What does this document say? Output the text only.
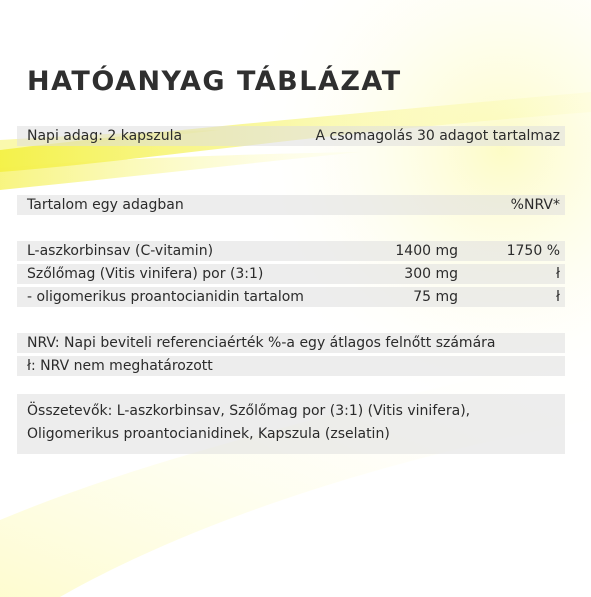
HATÓANYAG TÁBLÁZAT
Napi adag: 2 kapszula	A csomagolás 30 adagot tartalmaz
Tartalom egy adagban	%NRV*
L-aszkorbinsav (C-vitamin)	1400 mg	1750 %
Szőlőmag (Vitis vinifera) por (3:1)	300 mg	ł
- oligomerikus proantocianidin tartalom	75 mg	ł
NRV: Napi beviteli referenciaérték %-a egy átlagos felnőtt számára
ł: NRV nem meghatározott
Összetevők: L-aszkorbinsav, Szőlőmag por (3:1) (Vitis vinifera),
Oligomerikus proantocianidinek, Kapszula (zselatin)
